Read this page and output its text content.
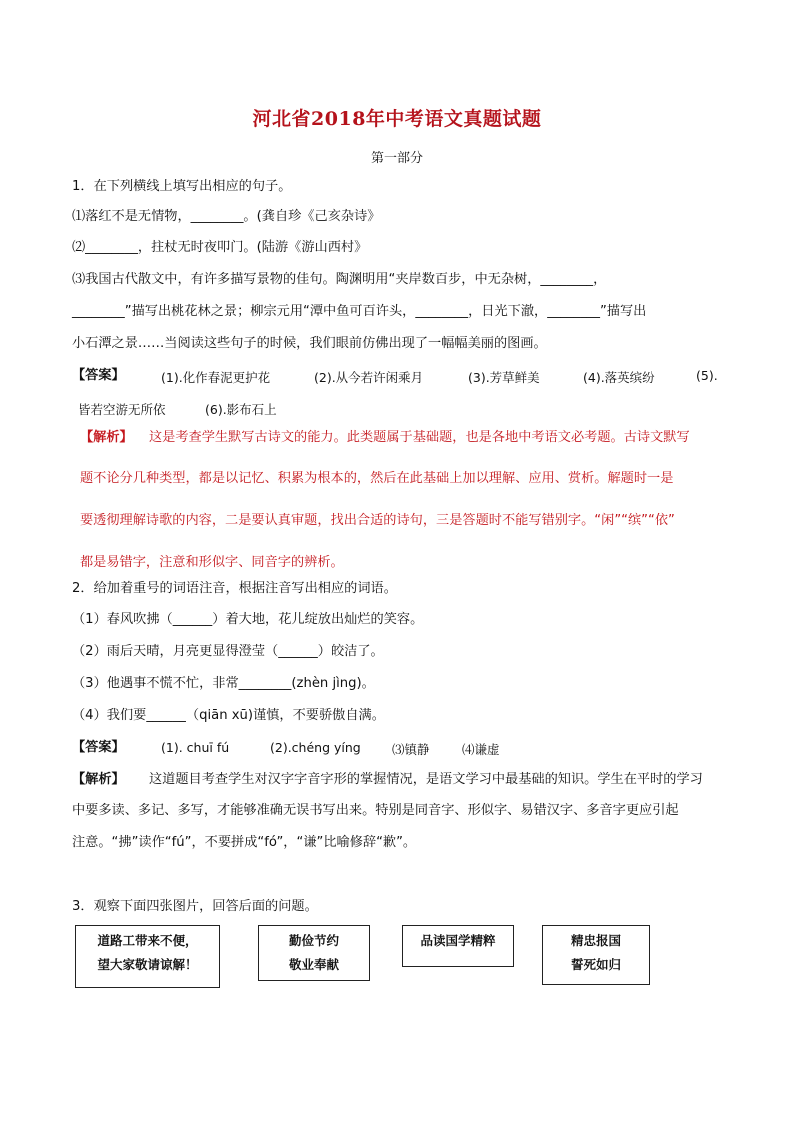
河北省2018年中考语文真题试题
第一部分
1．在下列横线上填写出相应的句子。
⑴落红不是无情物，________。(龚自珍《己亥杂诗》
⑵________，拄杖无时夜叩门。(陆游《游山西村》
⑶我国古代散文中，有许多描写景物的佳句。陶渊明用“夹岸数百步，中无杂树，________，
________”描写出桃花林之景；柳宗元用“潭中鱼可百许头，________，日光下澈，________”描写出
小石潭之景……当阅读这些句子的时候，我们眼前仿佛出现了一幅幅美丽的图画。
【答案】	(1).化作春泥更护花	(2).从今若许闲乘月	(3).芳草鲜美	(4).落英缤纷	(5).
皆若空游无所依	(6).影布石上
【解析】 这是考查学生默写古诗文的能力。此类题属于基础题，也是各地中考语文必考题。古诗文默写
题不论分几种类型，都是以记忆、积累为根本的，然后在此基础上加以理解、应用、赏析。解题时一是
要透彻理解诗歌的内容，二是要认真审题，找出合适的诗句，三是答题时不能写错别字。“闲”“缤”“依”
都是易错字，注意和形似字、同音字的辨析。
2．给加着重号的词语注音，根据注音写出相应的词语。
（1）春风吹拂（______）着大地，花儿绽放出灿烂的笑容。
（2）雨后天晴，月亮更显得澄莹（______）皎洁了。
（3）他遇事不慌不忙，非常________(zhèn jìng)。
（4）我们要______（qiān xū)谨慎，不要骄傲自满。
【答案】	(1). chuī fú	(2).chéng yíng	⑶镇静	⑷谦虚
【解析】 这道题目考查学生对汉字字音字形的掌握情况，是语文学习中最基础的知识。学生在平时的学习
中要多读、多记、多写，才能够准确无误书写出来。特别是同音字、形似字、易错汉字、多音字更应引起
注意。“拂”读作“fú”，不要拼成“fó”，“谦”比喻修辞“歉”。
3．观察下面四张图片，回答后面的问题。
道路工带来不便，
望大家敬请谅解！
勤俭节约
敬业奉献
品读国学精粹	精忠报国
誓死如归
